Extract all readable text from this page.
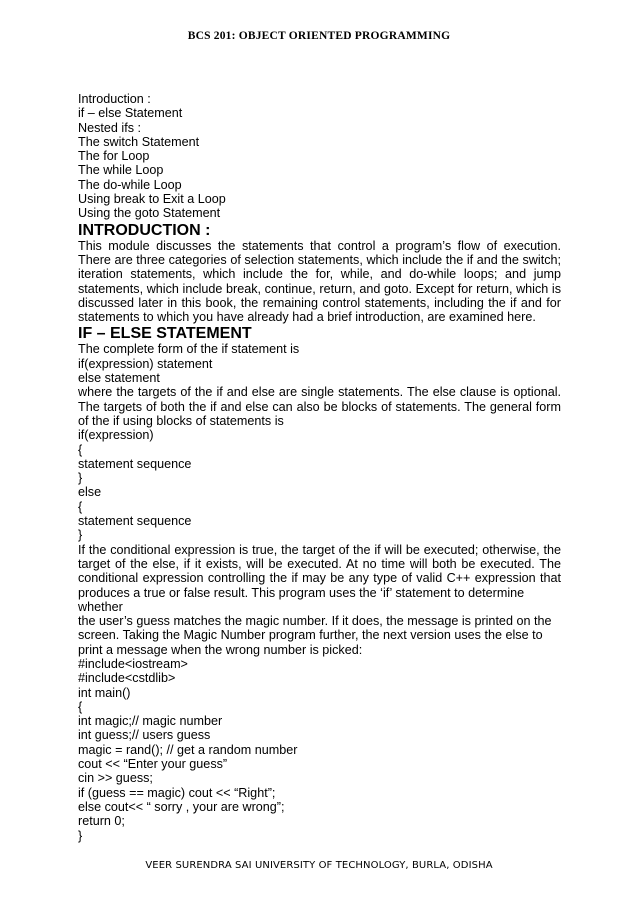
BCS 201: OBJECT ORIENTED PROGRAMMING
Introduction :
if – else Statement
Nested ifs :
The switch Statement
The for Loop
The while Loop
The do-while Loop
Using break to Exit a Loop
Using the goto Statement
INTRODUCTION :
This module discusses the statements that control a program’s flow of execution. There are three categories of selection statements, which include the if and the switch; iteration statements, which include the for, while, and do-while loops; and jump statements, which include break, continue, return, and goto. Except for return, which is discussed later in this book, the remaining control statements, including the if and for statements to which you have already had a brief introduction, are examined here.
IF – ELSE STATEMENT
The complete form of the if statement is
if(expression) statement
else statement
where the targets of the if and else are single statements. The else clause is optional. The targets of both the if and else can also be blocks of statements. The general form of the if using blocks of statements is
if(expression)
{
statement sequence
}
else
{
statement sequence
}
If the conditional expression is true, the target of the if will be executed; otherwise, the target of the else, if it exists, will be executed. At no time will both be executed. The conditional expression controlling the if may be any type of valid C++ expression that produces a true or false result. This program uses the ‘if’ statement to determine
whether
the user’s guess matches the magic number. If it does, the message is printed on the
screen. Taking the Magic Number program further, the next version uses the else to
print a message when the wrong number is picked:
#include<iostream>
#include<cstdlib>
int main()
{
int magic;// magic number
int guess;// users guess
magic = rand(); // get a random number
cout << “Enter your guess”
cin >> guess;
if (guess == magic) cout << “Right”;
else cout<< “ sorry , your are wrong”;
return 0;
}
VEER SURENDRA SAI UNIVERSITY OF TECHNOLOGY, BURLA, ODISHA
